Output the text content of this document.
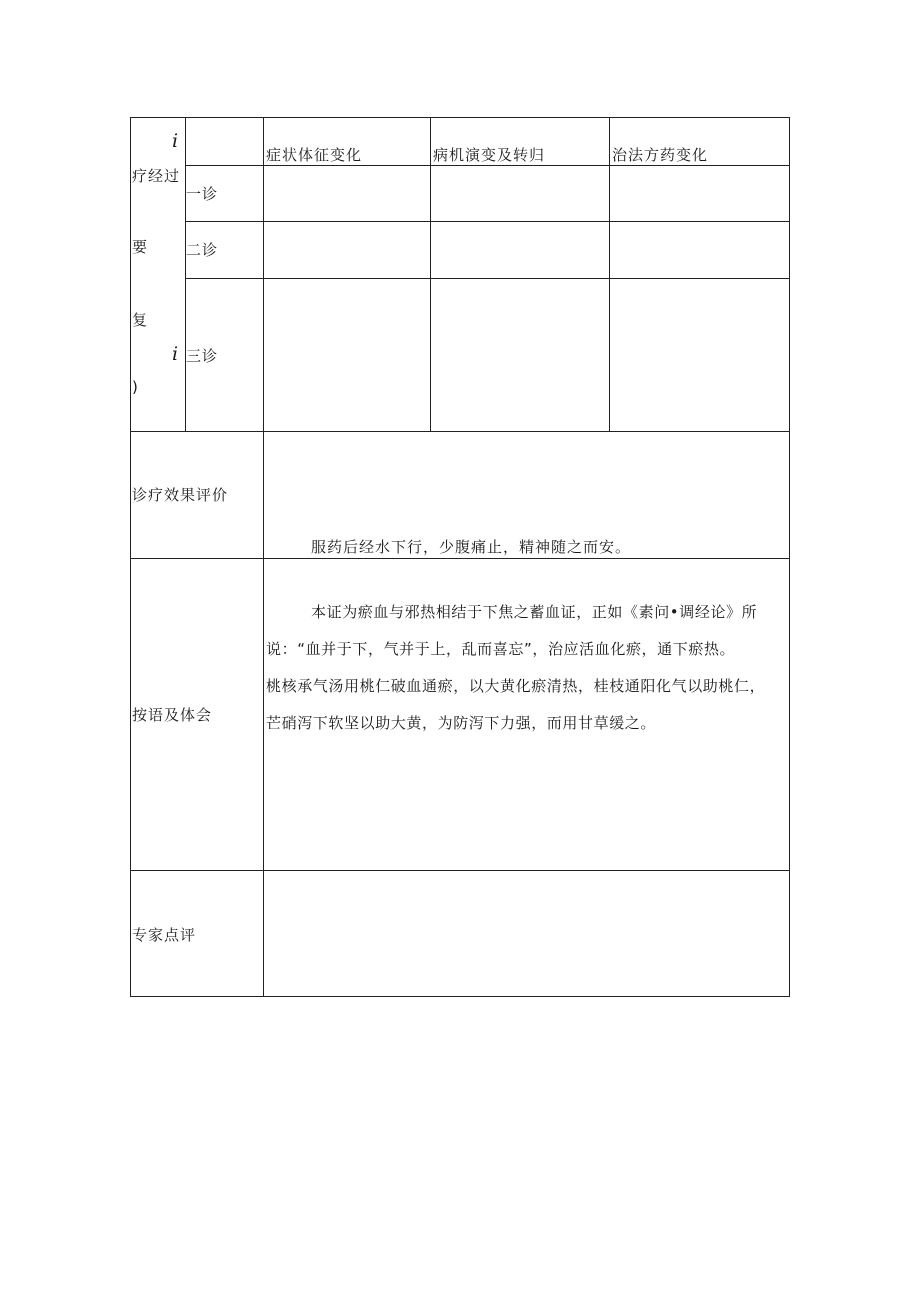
i
疗经过
要
复
i
)
症状体征变化	病机演变及转归	治法方药变化
一诊
二诊
三诊
诊疗效果评价
服药后经水下行，少腹痛止，精神随之而安。
按语及体会
本证为瘀血与邪热相结于下焦之蓄血证，正如《素问•调经论》所
说：“血并于下，气并于上，乱而喜忘”，治应活血化瘀，通下瘀热。
桃核承气汤用桃仁破血通瘀，以大黄化瘀清热，桂枝通阳化气以助桃仁，
芒硝泻下软坚以助大黄，为防泻下力强，而用甘草缓之。
专家点评
